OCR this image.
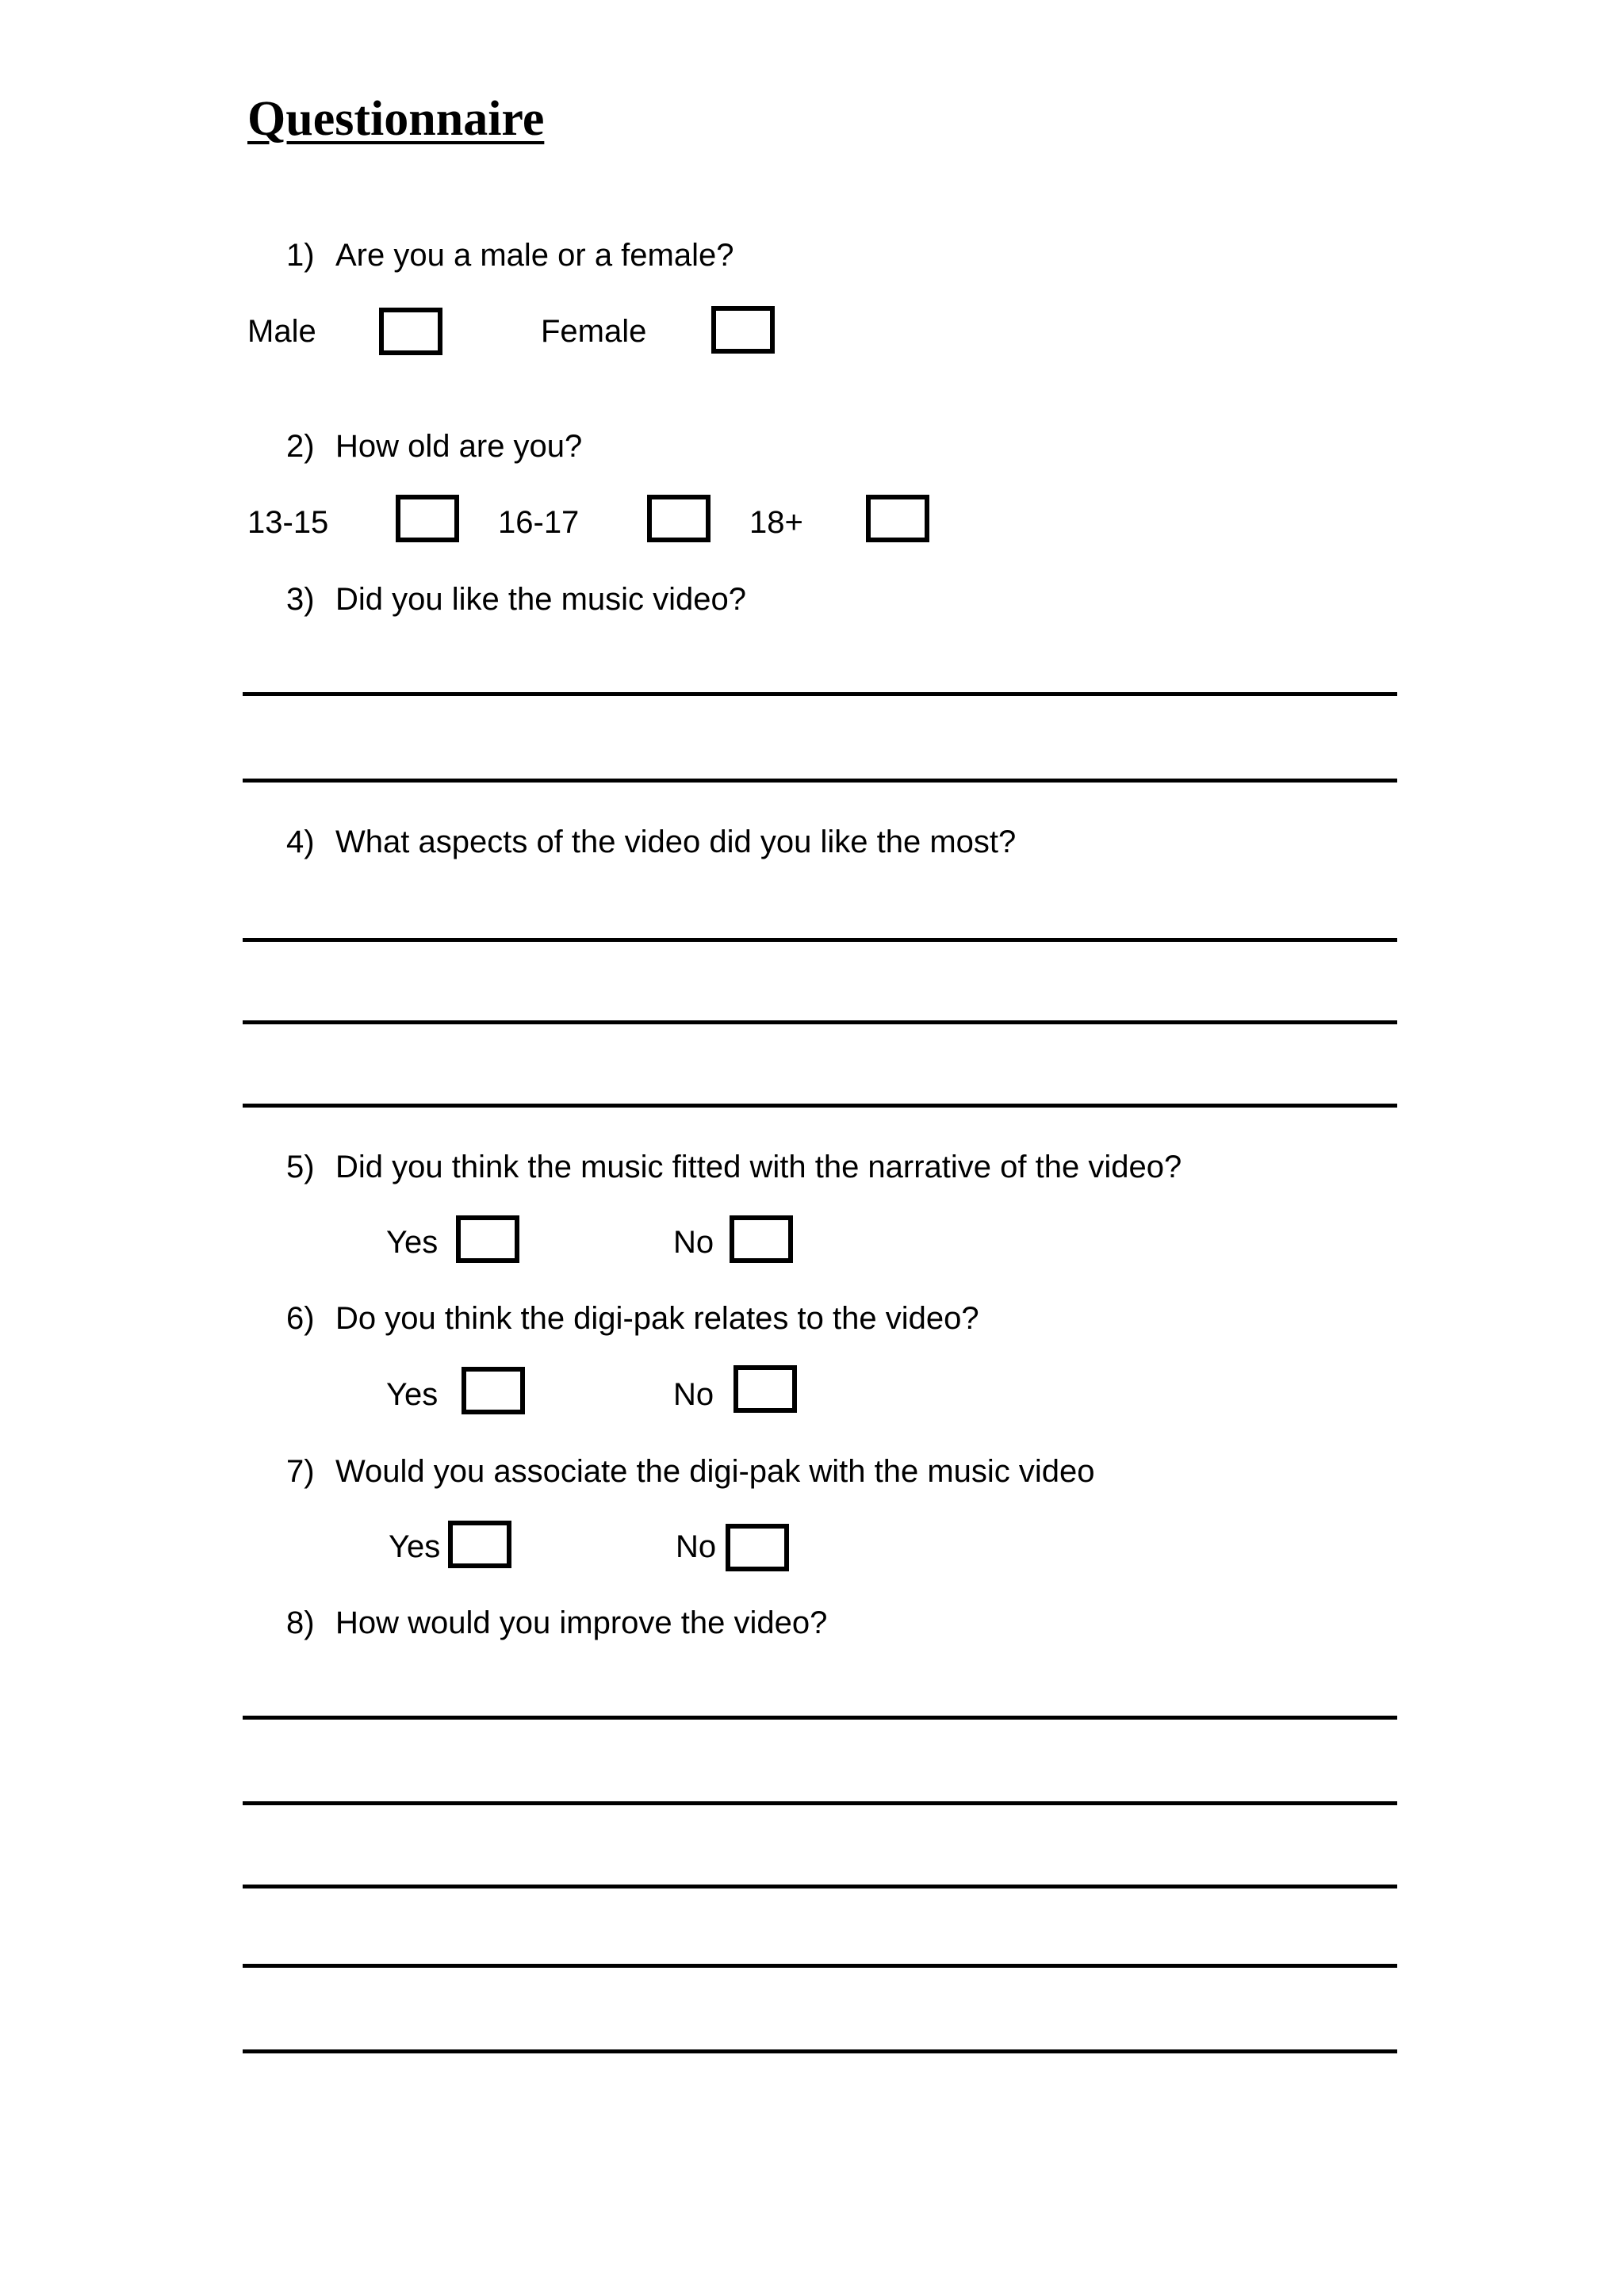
Questionnaire
1) Are you a male or a female?
Male	Female
2) How old are you?
13-15	16-17	18+
3) Did you like the music video?
4) What aspects of the video did you like the most?
5) Did you think the music fitted with the narrative of the video?
Yes	No
6) Do you think the digi-pak relates to the video?
Yes	No
7) Would you associate the digi-pak with the music video
Yes	No
8) How would you improve the video?
